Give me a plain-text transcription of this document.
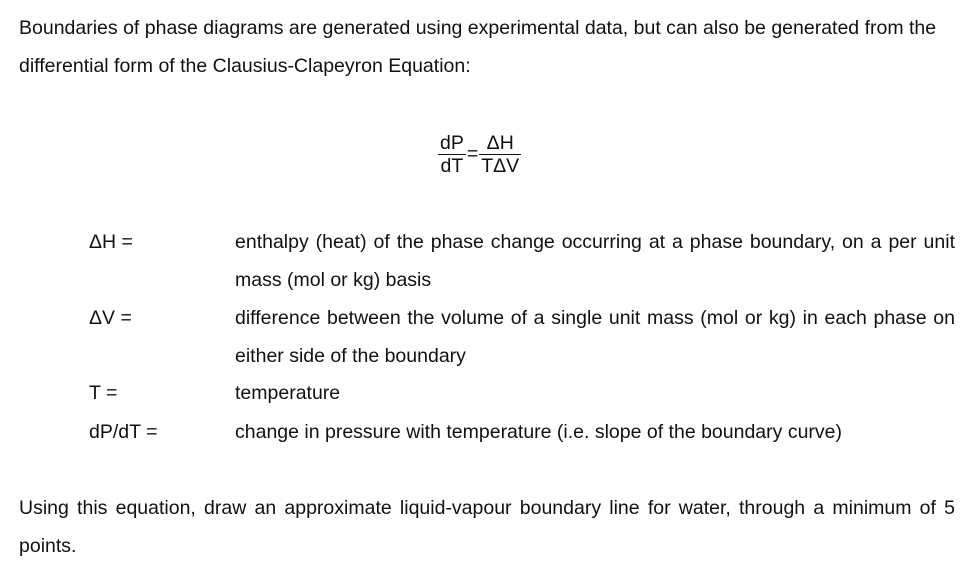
Boundaries of phase diagrams are generated using experimental data, but can also be generated from the differential form of the Clausius-Clapeyron Equation:

$\frac{dP}{dT} = \frac{\Delta H}{\text{TΔV}}$
ΔH =	enthalpy (heat) of the phase change occurring at a phase boundary, on a per unit mass (mol or kg) basis

ΔV =	difference between the volume of a single unit mass (mol or kg) in each phase on either side of the boundary

T =	temperature

dP/dT =	change in pressure with temperature (i.e. slope of the boundary curve)

Using this equation, draw an approximate liquid-vapour boundary line for water, through a minimum of 5 points.
